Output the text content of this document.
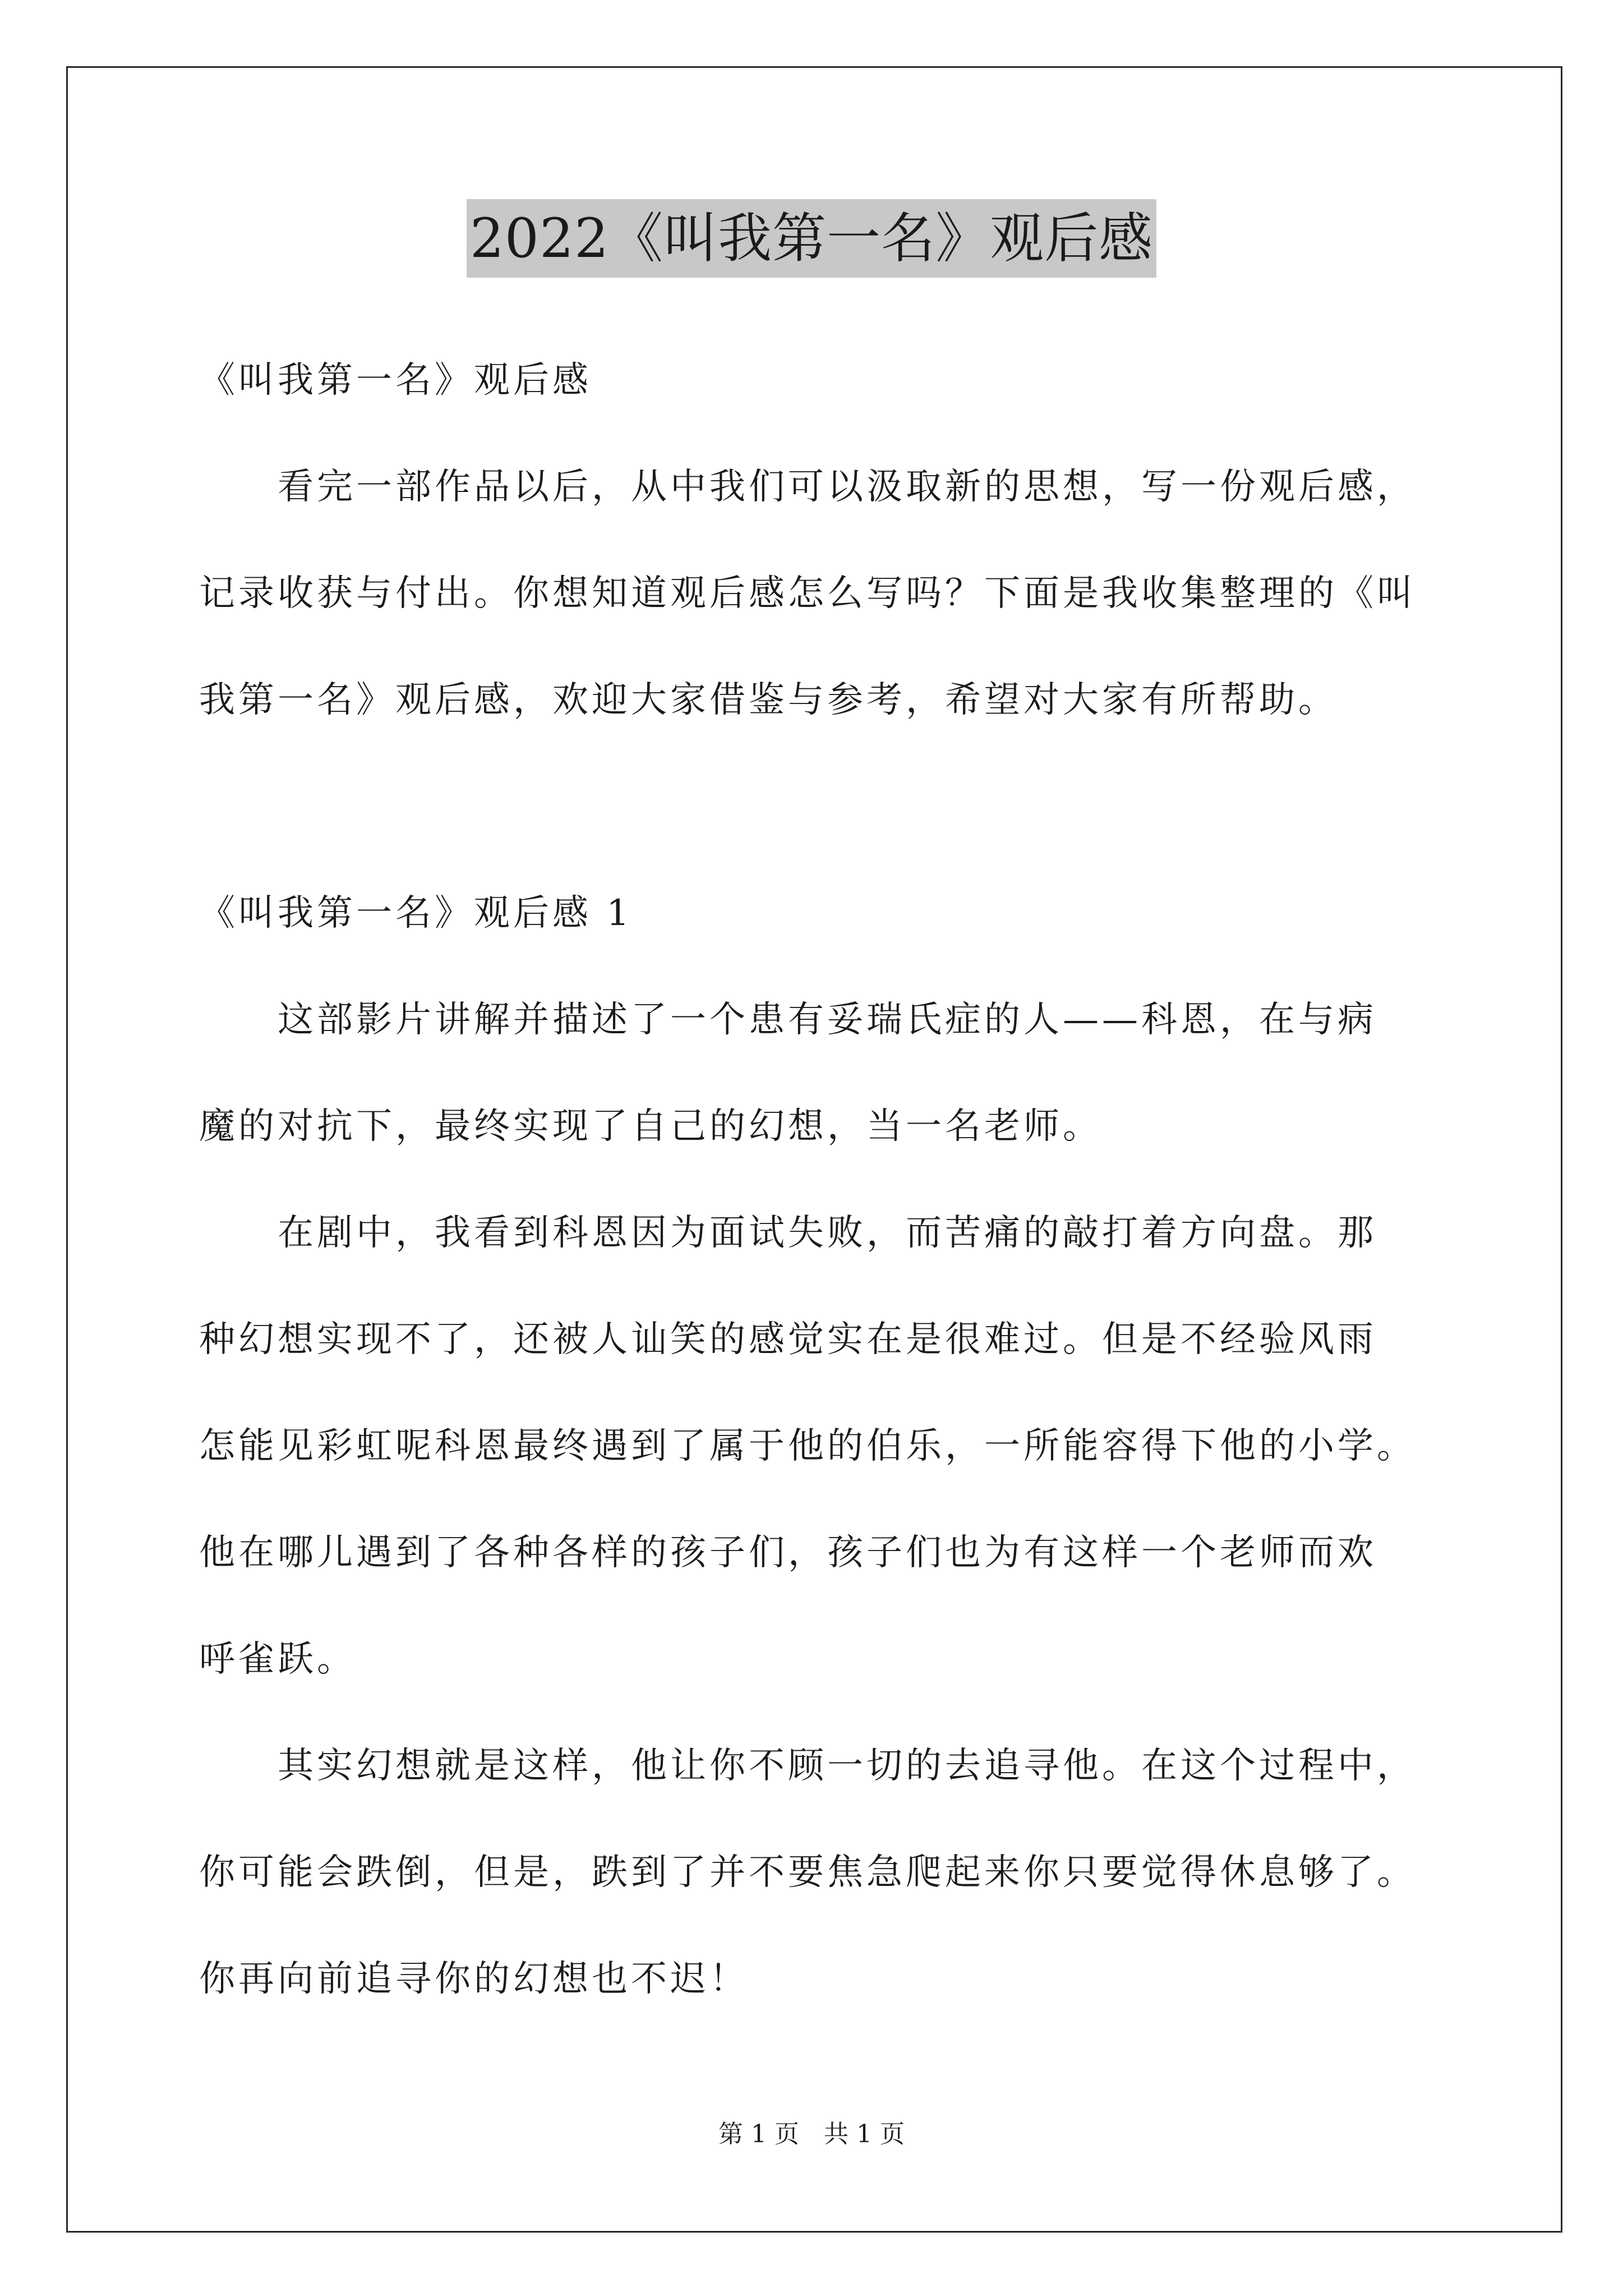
2022《叫我第一名》观后感
《叫我第一名》观后感
　　看完一部作品以后，从中我们可以汲取新的思想，写一份观后感，
记录收获与付出。你想知道观后感怎么写吗？下面是我收集整理的《叫
我第一名》观后感，欢迎大家借鉴与参考，希望对大家有所帮助。
《叫我第一名》观后感 1
　　这部影片讲解并描述了一个患有妥瑞氏症的人——科恩，在与病
魔的对抗下，最终实现了自己的幻想，当一名老师。
　　在剧中，我看到科恩因为面试失败，而苦痛的敲打着方向盘。那
种幻想实现不了，还被人讪笑的感觉实在是很难过。但是不经验风雨
怎能见彩虹呢科恩最终遇到了属于他的伯乐，一所能容得下他的小学。
他在哪儿遇到了各种各样的孩子们，孩子们也为有这样一个老师而欢
呼雀跃。
　　其实幻想就是这样，他让你不顾一切的去追寻他。在这个过程中，
你可能会跌倒，但是，跌到了并不要焦急爬起来你只要觉得休息够了。
你再向前追寻你的幻想也不迟！
第 1 页　共 1 页
